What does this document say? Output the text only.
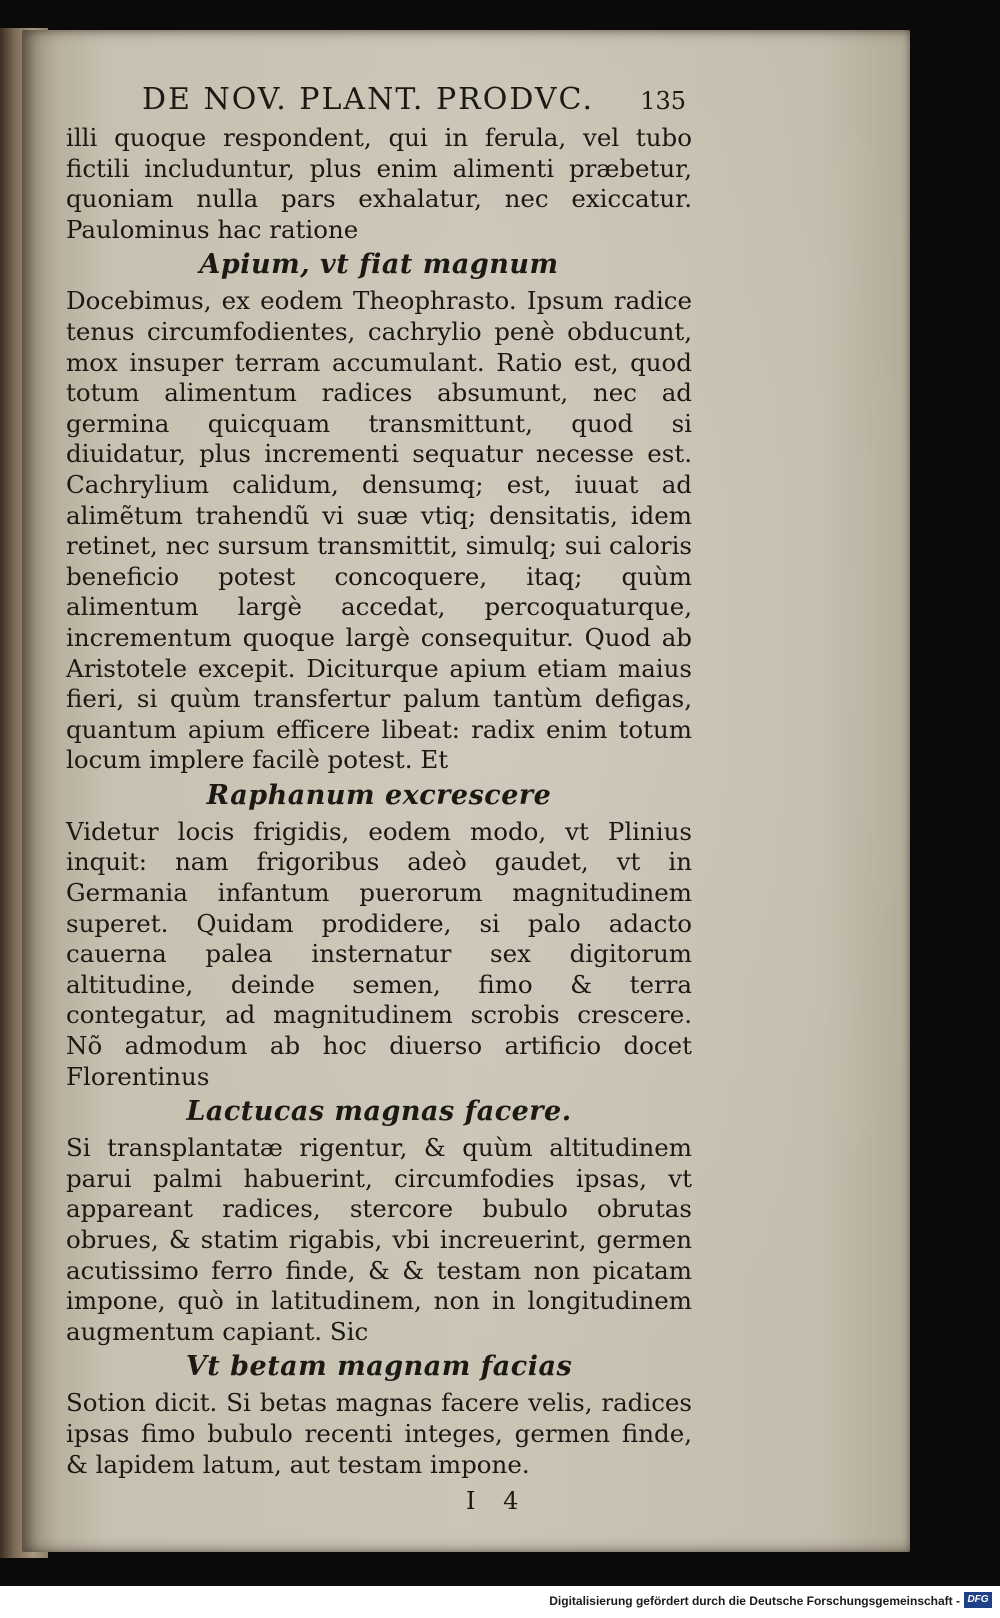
DE NOV. PLANT. PRODVC. 135

illi quoque respondent, qui in ferula, vel tubo fictili includuntur, plus enim alimenti præbetur, quoniam nulla pars exhalatur, nec exiccatur. Paulominus hac ratione

Apium, vt fiat magnum

Docebimus, ex eodem Theophrasto. Ipsum radice tenus circumfodientes, cachrylio penè obducunt, mox insuper terram accumulant. Ratio est, quod totum alimentum radices absumunt, nec ad germina quicquam transmittunt, quod si diuidatur, plus incrementi sequatur necesse est. Cachrylium calidum, densumq; est, iuuat ad alimẽtum trahendũ vi suæ vtiq; densitatis, idem retinet, nec sursum transmittit, simulq; sui caloris beneficio potest concoquere, itaq; quùm alimentum largè accedat, percoquaturque, incrementum quoque largè consequitur. Quod ab Aristotele excepit. Diciturque apium etiam maius fieri, si quùm transfertur palum tantùm defigas, quantum apium efficere libeat: radix enim totum locum implere facilè potest. Et

Raphanum excrescere

Videtur locis frigidis, eodem modo, vt Plinius inquit: nam frigoribus adeò gaudet, vt in Germania infantum puerorum magnitudinem superet. Quidam prodidere, si palo adacto cauerna palea insternatur sex digitorum altitudine, deinde semen, fimo & terra contegatur, ad magnitudinem scrobis crescere. Nõ admodum ab hoc diuerso artificio docet Florentinus

Lactucas magnas facere.

Si transplantatæ rigentur, & quùm altitudinem parui palmi habuerint, circumfodies ipsas, vt appareant radices, stercore bubulo obrutas obrues, & statim rigabis, vbi increuerint, germen acutissimo ferro finde, & & testam non picatam impone, quò in latitudinem, non in longitudinem augmentum capiant. Sic

Vt betam magnam facias

Sotion dicit. Si betas magnas facere velis, radices ipsas fimo bubulo recenti integes, germen finde, & lapidem latum, aut testam impone.

I 4
Digitalisierung gefördert durch die Deutsche Forschungsgemeinschaft - DFG
